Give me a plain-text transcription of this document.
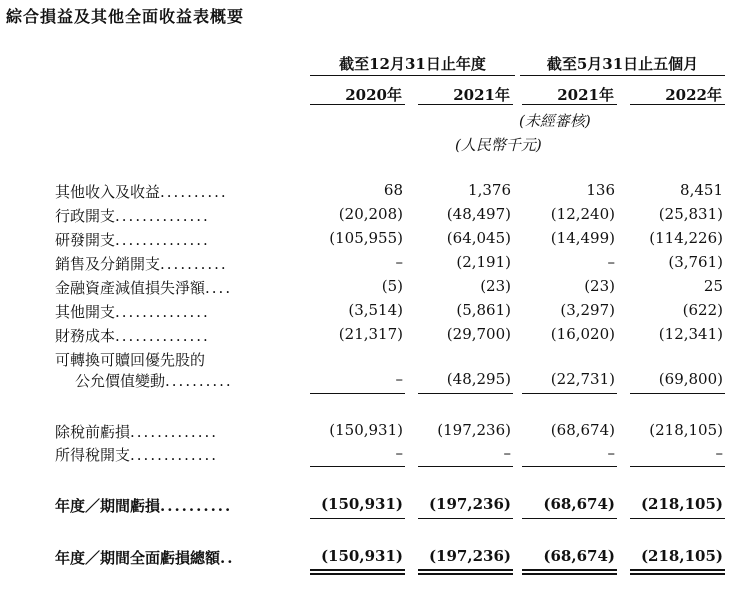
綜合損益及其他全面收益表概要
截至12月31日止年度	截至5月31日止五個月
2020年	2021年	2021年	2022年
(未經審核)
(人民幣千元)
其他收入及收益..........	68	1,376	136	8,451
行政開支..............	(20,208)	(48,497)	(12,240)	(25,831)
研發開支..............	(105,955)	(64,045)	(14,499)	(114,226)
銷售及分銷開支..........	–	(2,191)	–	(3,761)
金融資產減值損失淨額....	(5)	(23)	(23)	25
其他開支..............	(3,514)	(5,861)	(3,297)	(622)
財務成本..............	(21,317)	(29,700)	(16,020)	(12,341)
可轉換可贖回優先股的
公允價值變動..........	–	(48,295)	(22,731)	(69,800)
除稅前虧損.............	(150,931)	(197,236)	(68,674)	(218,105)
所得稅開支.............	–	–	–	–
年度／期間虧損..........	(150,931)	(197,236)	(68,674)	(218,105)
年度／期間全面虧損總額..	(150,931)	(197,236)	(68,674)	(218,105)
